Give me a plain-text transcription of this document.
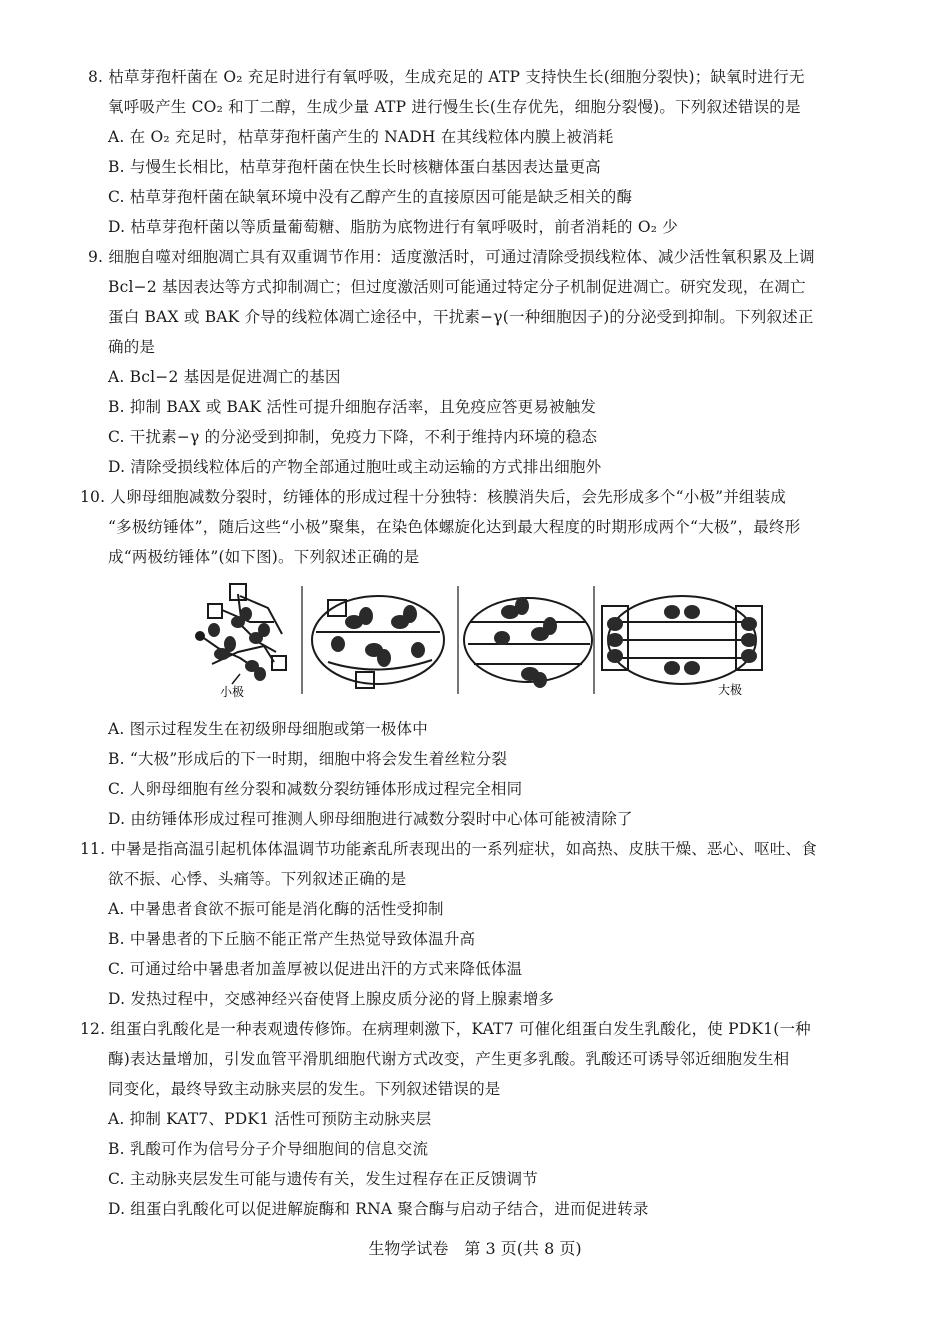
8. 枯草芽孢杆菌在 O₂ 充足时进行有氧呼吸，生成充足的 ATP 支持快生长(细胞分裂快)；缺氧时进行无
氧呼吸产生 CO₂ 和丁二醇，生成少量 ATP 进行慢生长(生存优先，细胞分裂慢)。下列叙述错误的是
A. 在 O₂ 充足时，枯草芽孢杆菌产生的 NADH 在其线粒体内膜上被消耗
B. 与慢生长相比，枯草芽孢杆菌在快生长时核糖体蛋白基因表达量更高
C. 枯草芽孢杆菌在缺氧环境中没有乙醇产生的直接原因可能是缺乏相关的酶
D. 枯草芽孢杆菌以等质量葡萄糖、脂肪为底物进行有氧呼吸时，前者消耗的 O₂ 少
9. 细胞自噬对细胞凋亡具有双重调节作用：适度激活时，可通过清除受损线粒体、减少活性氧积累及上调
Bcl−2 基因表达等方式抑制凋亡；但过度激活则可能通过特定分子机制促进凋亡。研究发现，在凋亡
蛋白 BAX 或 BAK 介导的线粒体凋亡途径中，干扰素−γ(一种细胞因子)的分泌受到抑制。下列叙述正
确的是
A. Bcl−2 基因是促进凋亡的基因
B. 抑制 BAX 或 BAK 活性可提升细胞存活率，且免疫应答更易被触发
C. 干扰素−γ 的分泌受到抑制，免疫力下降，不利于维持内环境的稳态
D. 清除受损线粒体后的产物全部通过胞吐或主动运输的方式排出细胞外
10. 人卵母细胞减数分裂时，纺锤体的形成过程十分独特：核膜消失后，会先形成多个“小极”并组装成
“多极纺锤体”，随后这些“小极”聚集，在染色体螺旋化达到最大程度的时期形成两个“大极”，最终形
成“两极纺锤体”(如下图)。下列叙述正确的是
小极	大极
A. 图示过程发生在初级卵母细胞或第一极体中
B. “大极”形成后的下一时期，细胞中将会发生着丝粒分裂
C. 人卵母细胞有丝分裂和减数分裂纺锤体形成过程完全相同
D. 由纺锤体形成过程可推测人卵母细胞进行减数分裂时中心体可能被清除了
11. 中暑是指高温引起机体体温调节功能紊乱所表现出的一系列症状，如高热、皮肤干燥、恶心、呕吐、食
欲不振、心悸、头痛等。下列叙述正确的是
A. 中暑患者食欲不振可能是消化酶的活性受抑制
B. 中暑患者的下丘脑不能正常产生热觉导致体温升高
C. 可通过给中暑患者加盖厚被以促进出汗的方式来降低体温
D. 发热过程中，交感神经兴奋使肾上腺皮质分泌的肾上腺素增多
12. 组蛋白乳酸化是一种表观遗传修饰。在病理刺激下，KAT7 可催化组蛋白发生乳酸化，使 PDK1(一种
酶)表达量增加，引发血管平滑肌细胞代谢方式改变，产生更多乳酸。乳酸还可诱导邻近细胞发生相
同变化，最终导致主动脉夹层的发生。下列叙述错误的是
A. 抑制 KAT7、PDK1 活性可预防主动脉夹层
B. 乳酸可作为信号分子介导细胞间的信息交流
C. 主动脉夹层发生可能与遗传有关，发生过程存在正反馈调节
D. 组蛋白乳酸化可以促进解旋酶和 RNA 聚合酶与启动子结合，进而促进转录
生物学试卷　第 3 页(共 8 页)
